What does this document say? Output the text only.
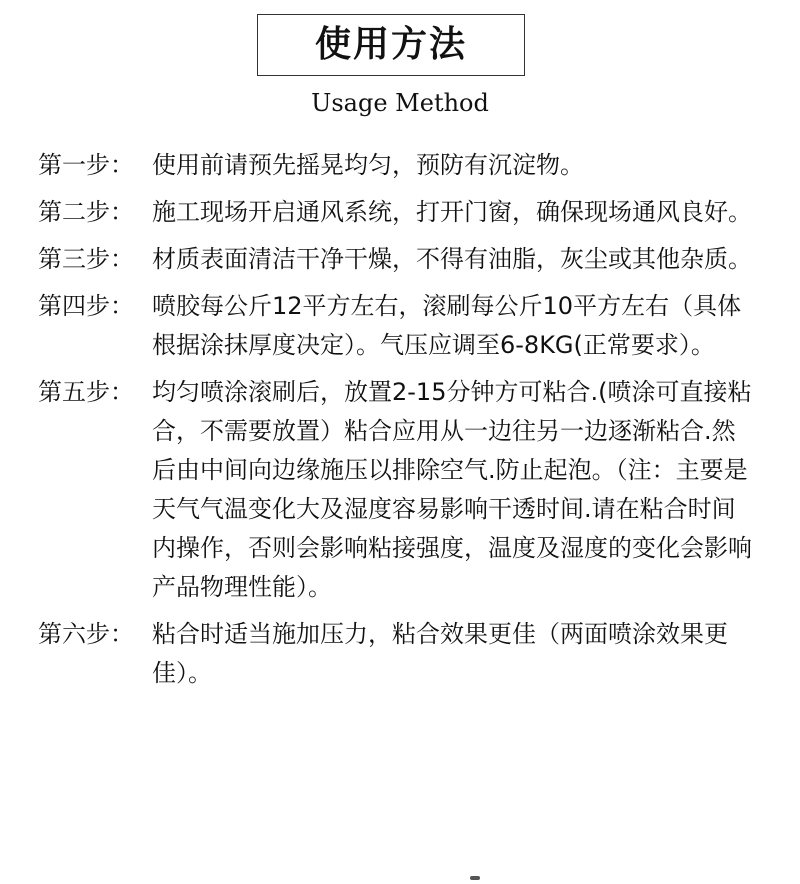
使用方法
Usage Method
第一步： 使用前请预先摇晃均匀，预防有沉淀物。
第二步： 施工现场开启通风系统，打开门窗，确保现场通风良好。
第三步： 材质表面清洁干净干燥，不得有油脂，灰尘或其他杂质。
第四步： 喷胶每公斤12平方左右，滚刷每公斤10平方左右（具体根据涂抹厚度决定）。气压应调至6-8KG(正常要求）。
第五步： 均匀喷涂滚刷后，放置2-15分钟方可粘合.(喷涂可直接粘合，不需要放置）粘合应用从一边往另一边逐渐粘合.然后由中间向边缘施压以排除空气.防止起泡。（注：主要是天气气温变化大及湿度容易影响干透时间.请在粘合时间内操作，否则会影响粘接强度，温度及湿度的变化会影响产品物理性能）。
第六步： 粘合时适当施加压力，粘合效果更佳（两面喷涂效果更佳）。
